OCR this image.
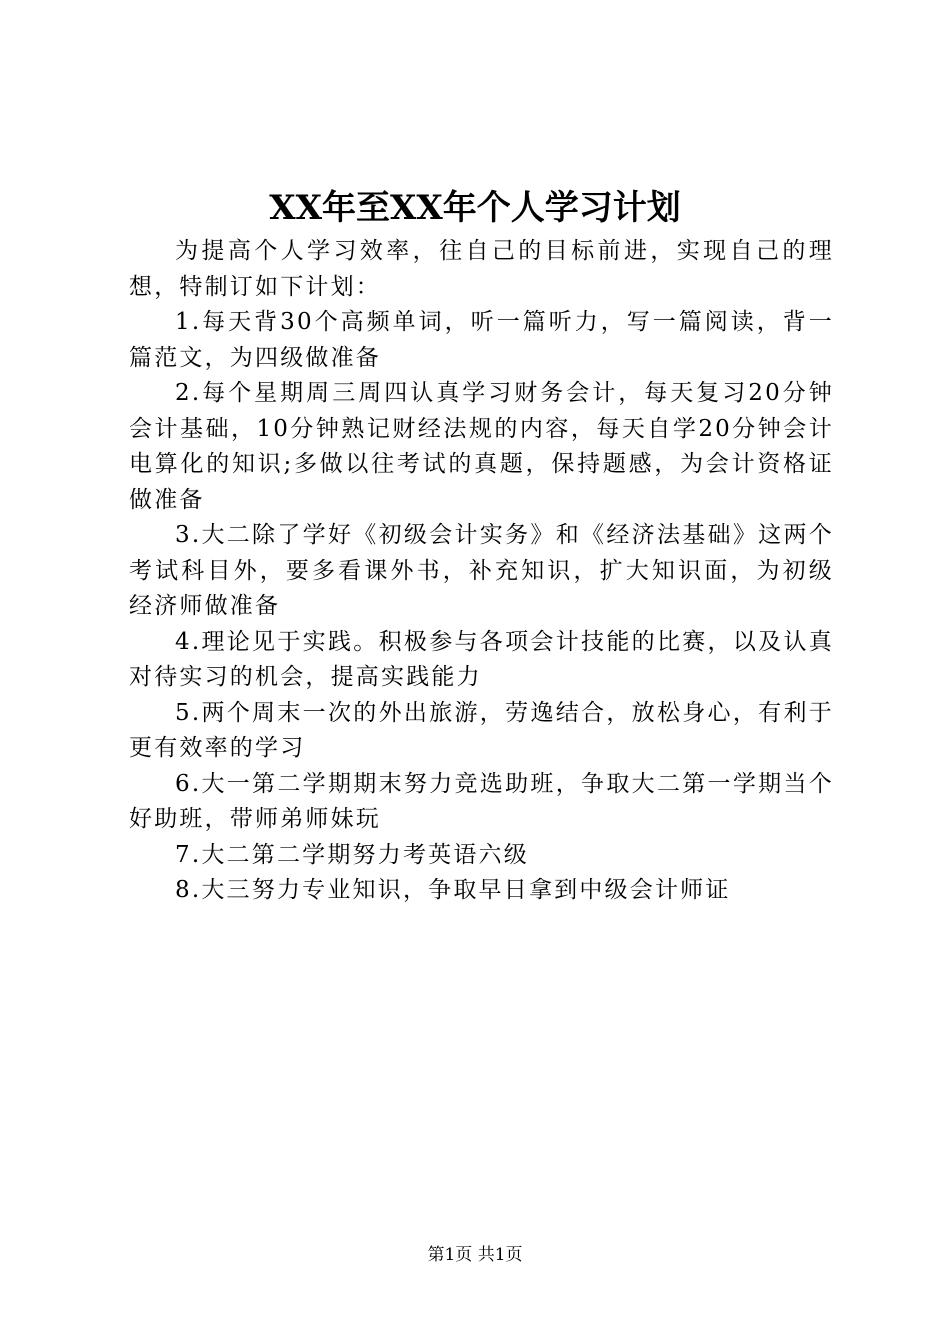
XX年至XX年个人学习计划

为提高个人学习效率，往自己的目标前进，实现自己的理想，特制订如下计划：

1.每天背30个高频单词，听一篇听力，写一篇阅读，背一篇范文，为四级做准备

2.每个星期周三周四认真学习财务会计，每天复习20分钟会计基础，10分钟熟记财经法规的内容，每天自学20分钟会计电算化的知识;多做以往考试的真题，保持题感，为会计资格证做准备

3.大二除了学好《初级会计实务》和《经济法基础》这两个考试科目外，要多看课外书，补充知识，扩大知识面，为初级经济师做准备

4.理论见于实践。积极参与各项会计技能的比赛，以及认真对待实习的机会，提高实践能力

5.两个周末一次的外出旅游，劳逸结合，放松身心，有利于更有效率的学习

6.大一第二学期期末努力竞选助班，争取大二第一学期当个好助班，带师弟师妹玩

7.大二第二学期努力考英语六级

8.大三努力专业知识，争取早日拿到中级会计师证

第1页 共1页
